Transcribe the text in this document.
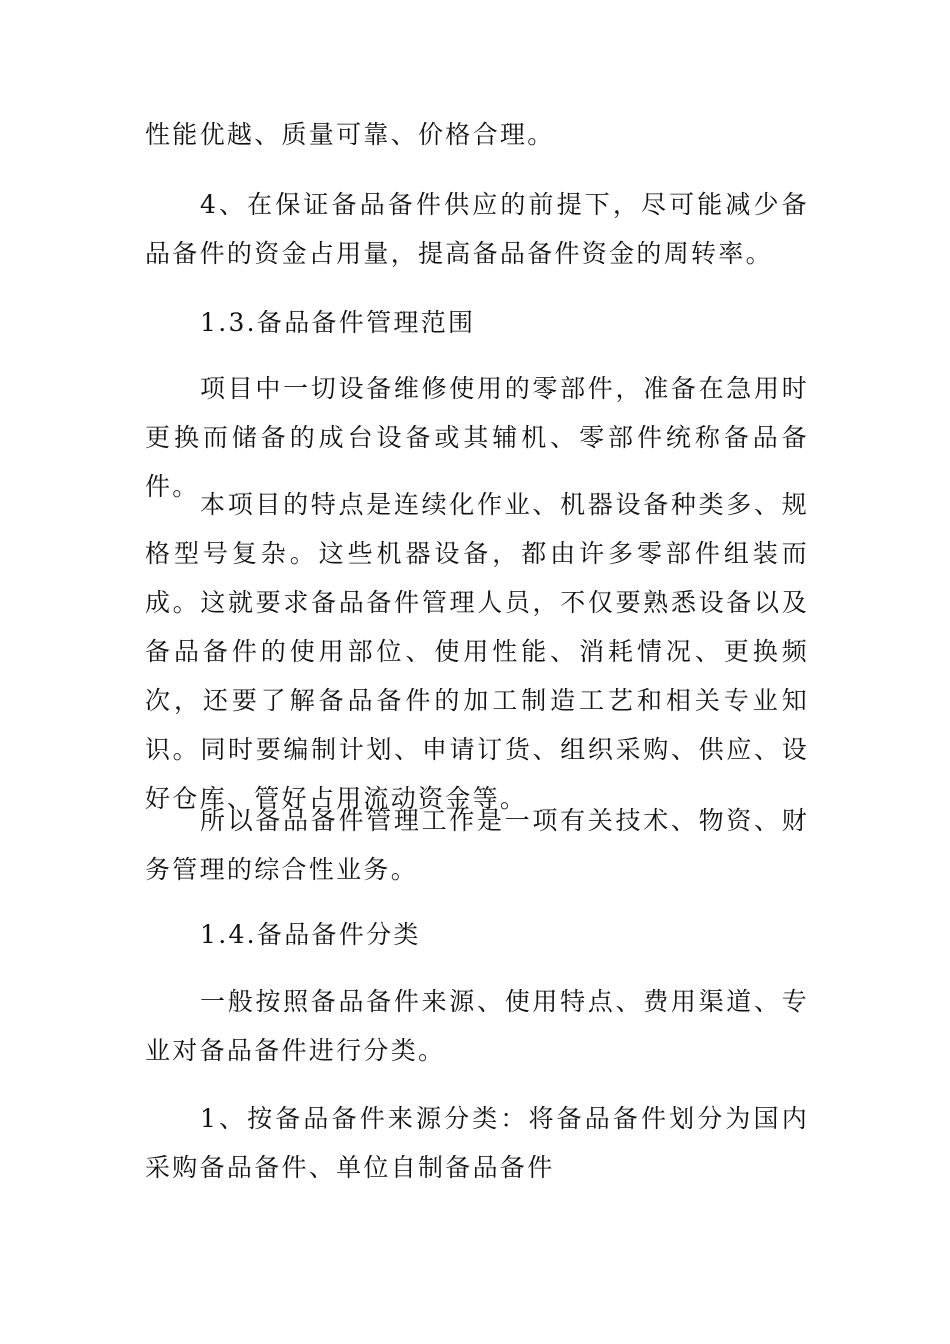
性能优越、质量可靠、价格合理。

4、在保证备品备件供应的前提下，尽可能减少备品备件的资金占用量，提高备品备件资金的周转率。

1.3.备品备件管理范围

项目中一切设备维修使用的零部件，准备在急用时更换而储备的成台设备或其辅机、零部件统称备品备件。

本项目的特点是连续化作业、机器设备种类多、规格型号复杂。这些机器设备，都由许多零部件组装而成。这就要求备品备件管理人员，不仅要熟悉设备以及备品备件的使用部位、使用性能、消耗情况、更换频次，还要了解备品备件的加工制造工艺和相关专业知识。同时要编制计划、申请订货、组织采购、供应、设好仓库、管好占用流动资金等。

所以备品备件管理工作是一项有关技术、物资、财务管理的综合性业务。

1.4.备品备件分类

一般按照备品备件来源、使用特点、费用渠道、专业对备品备件进行分类。

1、按备品备件来源分类：将备品备件划分为国内采购备品备件、单位自制备品备件
